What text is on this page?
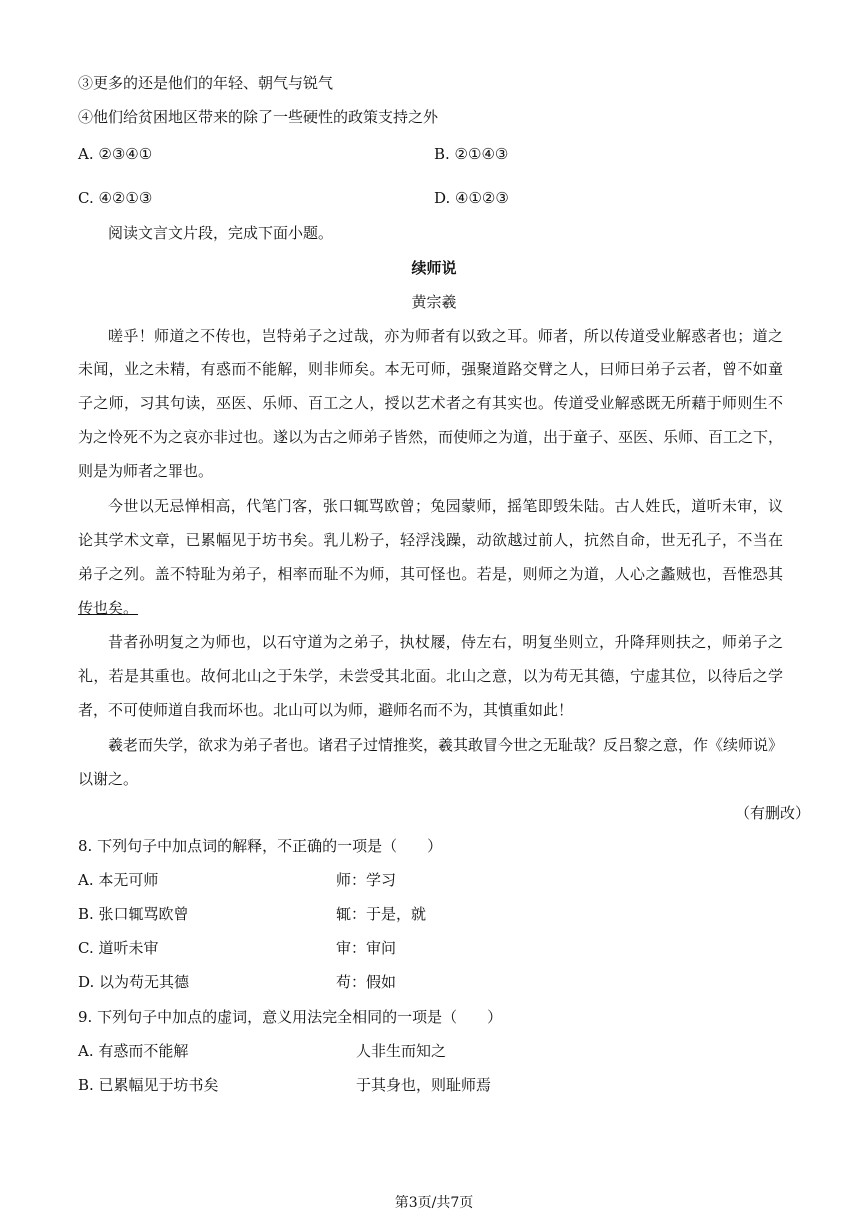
③更多的还是他们的年轻、朝气与锐气
④他们给贫困地区带来的除了一些硬性的政策支持之外
A. ②③④①	B. ②①④③
C. ④②①③	D. ④①②③
阅读文言文片段，完成下面小题。
续师说
黄宗羲
嗟乎！师道之不传也，岂特弟子之过哉，亦为师者有以致之耳。师者，所以传道受业解惑者也；道之
未闻，业之未精，有惑而不能解，则非师矣。本无可师，强聚道路交臂之人，曰师曰弟子云者，曾不如童
子之师，习其句读，巫医、乐师、百工之人，授以艺术者之有其实也。传道受业解惑既无所藉于师则生不
为之怜死不为之哀亦非过也。遂以为古之师弟子皆然，而使师之为道，出于童子、巫医、乐师、百工之下，
则是为师者之罪也。
今世以无忌惮相高，代笔门客，张口辄骂欧曾；兔园蒙师，摇笔即毁朱陆。古人姓氏，道听未审，议
论其学术文章，已累幅见于坊书矣。乳儿粉子，轻浮浅躁，动欲越过前人，抗然自命，世无孔子，不当在
弟子之列。盖不特耻为弟子，相率而耻不为师，其可怪也。若是，则师之为道，人心之蠡贼也，吾惟恐其
传也矣。
昔者孙明复之为师也，以石守道为之弟子，执杖屦，侍左右，明复坐则立，升降拜则扶之，师弟子之
礼，若是其重也。故何北山之于朱学，未尝受其北面。北山之意，以为苟无其德，宁虚其位，以待后之学
者，不可使师道自我而坏也。北山可以为师，避师名而不为，其慎重如此！
羲老而失学，欲求为弟子者也。诸君子过情推奖，羲其敢冒今世之无耻哉？反吕黎之意，作《续师说》
以谢之。
（有删改）
8. 下列句子中加点词的解释，不正确的一项是（　　）
A. 本无可师	师：学习
B. 张口辄骂欧曾	辄：于是，就
C. 道听未审	审：审问
D. 以为苟无其德	苟：假如
9. 下列句子中加点的虚词，意义用法完全相同的一项是（　　）
A. 有惑而不能解	人非生而知之
B. 已累幅见于坊书矣	于其身也，则耻师焉
第3页/共7页
